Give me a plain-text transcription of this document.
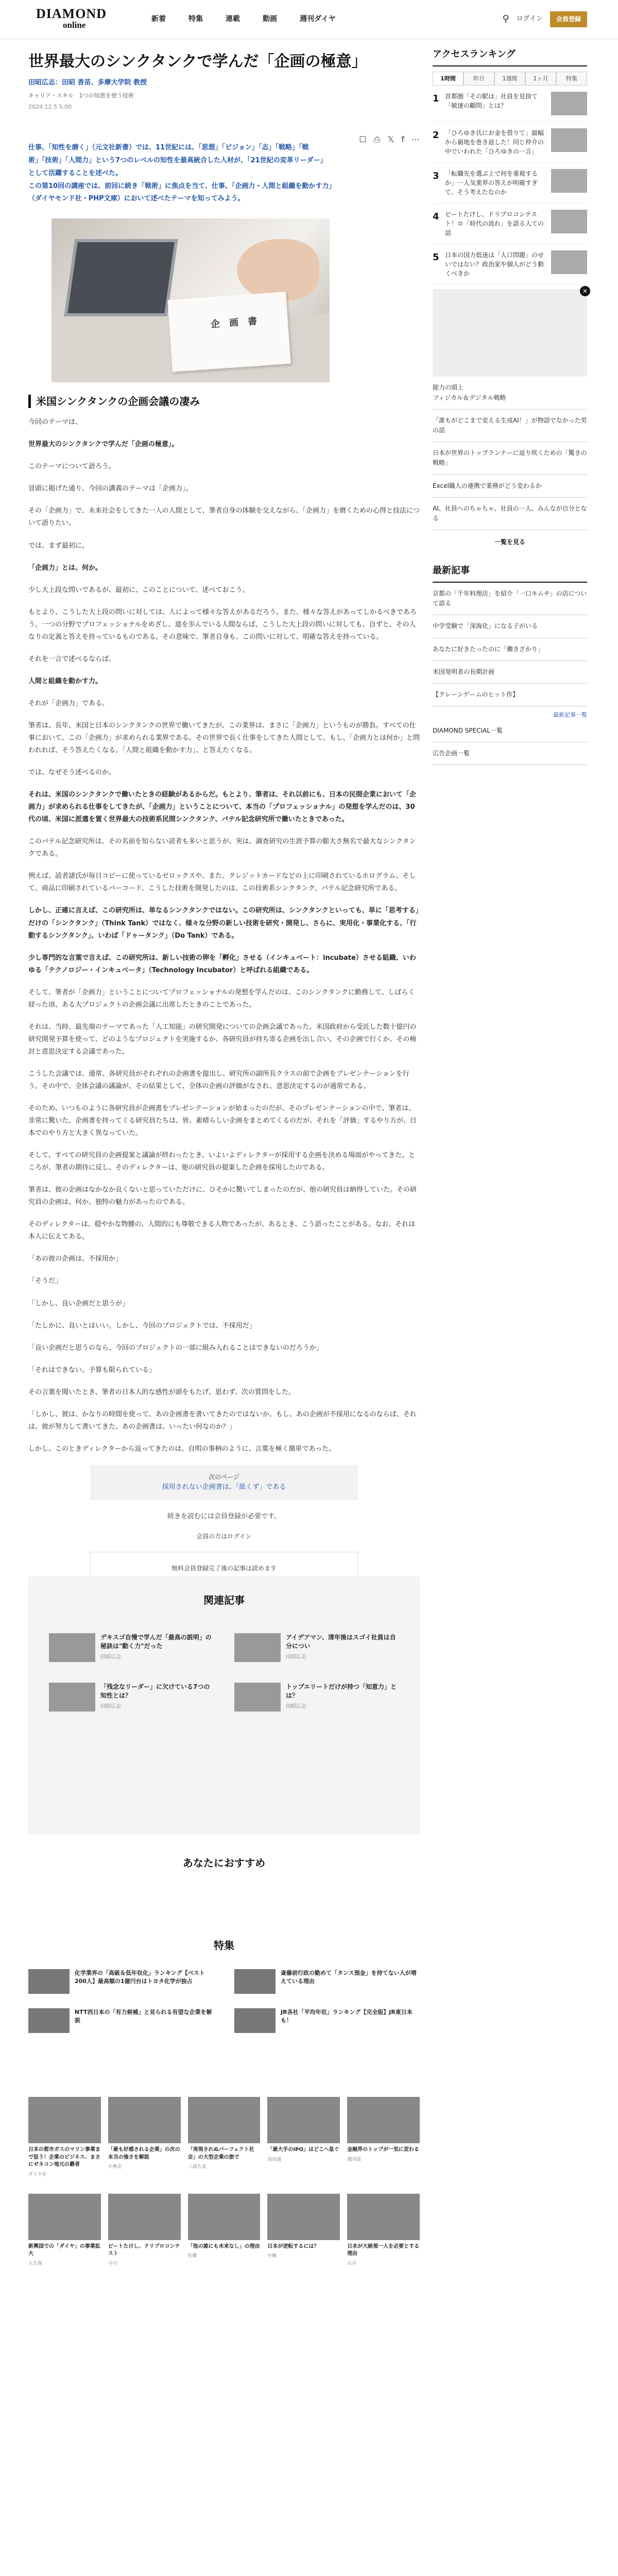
DIAMOND
online
新着	特集	連載	動画	週刊ダイヤ	⚲ ログイン	会員登録
世界最大のシンクタンクで学んだ「企画の極意」
田昭広志：田昭 香苗、多摩大学院 教授
キャリア・スキル　1つの知恵を使う技術
2024.12.5 5:00
☐ ⎙ 𝕏 f ⋯

仕事、「知性を磨く」（元文社新書）では、11世紀には、「思想」「ビジョン」「志」「戦略」「戦

術」「技術」「人間力」という7つのレベルの知性を最高統合した人材が、「21世紀の変革リーダー」

として活躍することを述べた。

この第10回の講座では、前回に続き「戦術」に焦点を当て、仕事、「企画力・人間と組織を動かす力」

（ダイヤモンド社・PHP文庫）において述べたテーマを知ってみよう。

企 画 書
米国シンクタンクの企画会議の凄み

今回のテーマは、

世界最大のシンクタンクで学んだ「企画の極意」。

このテーマについて語ろう。

冒頭に掲げた通り、今回の講義のテーマは「企画力」。

その「企画力」で、未来社会をしてきた一人の人間として、筆者自身の体験を交えながら、「企画力」を磨くための心得と技法について語りたい。

では、まず最初に。

「企画力」とは、何か。

少し大上段な問いであるが、最初に、このことについて、述べておこう。

もとより、こうした大上段の問いに対しては、人によって様々な答えがあるだろう。また、様々な答えがあってしかるべきであろう。一つの分野でプロフェッショナルをめざし、道を歩んでいる人間ならば、こうした大上段の問いに対しても、自ずと、その人なりの定義と答えを持っているものである。その意味で、筆者自身も、この問いに対して、明確な答えを持っている。

それを一言で述べるならば、

人間と組織を動かす力。

それが「企画力」である。

筆者は、長年、米国と日本のシンクタンクの世界で働いてきたが、この業界は、まさに「企画力」というものが勝負。すべての仕事において、この「企画力」が求められる業界である。その世界で長く仕事をしてきた人間として、もし、「企画力とは何か」と問われれば、そう答えたくなる。「人間と組織を動かす力」、と答えたくなる。

では、なぜそう述べるのか。

それは、米国のシンクタンクで働いたときの経験があるからだ。もとより、筆者は、それ以前にも、日本の民間企業において「企画力」が求められる仕事をしてきたが、「企画力」ということについて、本当の「プロフェッショナル」の発想を学んだのは、30代の頃、米国に派遣を置く世界最大の技術系民間シンクタンク、バテル記念研究所で働いたときであった。

このバテル記念研究所は、その名前を知らない読者も多いと思うが、実は、調査研究の生涯予算の膨大さ無名で最大なシンクタンクである。

例えば、読者諸氏が毎日コピーに使っているゼロックスや、また、クレジットカードなどの上に印刷されているホログラム、そして、商品に印刷されているバーコード、こうした技術を開発したのは、この技術系シンクタンク、バテル記念研究所である。

しかし、正確に言えば、この研究所は、単なるシンクタンクではない。この研究所は、シンクタンクといっても、単に「思考する」だけの「シンクタンク」（Think Tank）ではなく、様々な分野の新しい技術を研究・開発し、さらに、実用化・事業化する、「行動するシンクタンク」、いわば「ドゥータンク」（Do Tank）である。

少し専門的な言葉で言えば、この研究所は、新しい技術の卵を「孵化」させる（インキュベート：incubate）させる組織、いわゆる「テクノロジー・インキュベータ」（Technology Incubator）と呼ばれる組織である。

そして、筆者が「企画力」ということについてプロフェッショナルの発想を学んだのは、このシンクタンクに勤務して、しばらく経った頃、ある大プロジェクトの企画会議に出席したときのことであった。

それは、当時、最先端のテーマであった「人工知能」の研究開発についての企画会議であった。米国政府から受託した数十億円の研究開発予算を使って、どのようなプロジェクトを実施するか、各研究員が持ち寄る企画を出し合い、その企画で行くか、その検討と意思決定する会議であった。

こうした会議では、通常、各研究員がそれぞれの企画書を提出し、研究所の副所長クラスの前で企画をプレゼンテーションを行う。その中で、全体会議の議論が、その結果として、全体の企画の評価がなされ、意思決定するのが通常である。

そのため、いつものように各研究員が企画書をプレゼンテーションが始まったのだが、そのプレゼンテーションの中で、筆者は、非常に驚いた。企画書を持ってくる研究員たちは、皆、素晴らしい企画をまとめてくるのだが、それを「評価」するやり方が、日本でのやり方と大きく異なっていた。

そして、すべての研究員の企画提案と議論が終わったとき、いよいよディレクターが採用する企画を決める場面がやってきた。ところが、筆者の期待に反し、そのディレクターは、他の研究員の提案した企画を採用したのである。

筆者は、彼の企画はなかなか良くないと思っていただけに、ひそかに驚いてしまったのだが、他の研究員は納得していた。その研究員の企画は、何か、独特の魅力があったのである。

そのディレクターは、穏やかな物腰の、人間的にも尊敬できる人物であったが、あるとき、こう語ったことがある。なお、それは本人に伝えてある。

「あの彼の企画は、不採用か」

「そうだ」

「しかし、良い企画だと思うが」

「たしかに、良いとはいい。しかし、今回のプロジェクトでは、不採用だ」

「良い企画だと思うのなら、今回のプロジェクトの一部に組み入れることはできないのだろうか」

「それはできない。予算も限られている」

その言葉を聞いたとき、筆者の日本人的な感性が頭をもたげ、思わず、次の質問をした。

「しかし、彼は、かなりの時間を使って、あの企画書を書いてきたのではないか。もし、あの企画が不採用になるのならば、それは、彼が努力して書いてきた、あの企画書は、いったい何なのか？」

しかし、このときディレクターから返ってきたのは、自明の事柄のように、言葉を極く簡単であった。

次のページ
採用されない企画書は、「紙くず」である
続きを読むには会員登録が必要です。
会員の方はログイン
無料会員登録完了後の記事は読めます
関連記事
デキスゴ自慢で学んだ「最高の説明」の秘訣は"動く力"だった
田昭広志
アイデアマン、清年後はスゴイ社員は自分につい
田昭広志
「残念なリーダー」に欠けている7つの知性とは？
田昭広志
トップエリートだけが持つ「知恵力」とは？
田昭広志
あなたにおすすめ
特集
化学業界の「高級＆低年収化」ランキング【ベスト200人】最高額の1億円台はトヨタ化学が独占
斎藤前行政の勤めて「タンス預金」を持てない人が増えている理由
NTT西日本の「有力候補」と見られる有望な企業を解説
JR各社「平均年収」ランキング【完全版】JR東日本も！
日本の都市ガスのマリン事業まで狙う！企業のビジネス、まさにゼネコン地元の覇者
ダイヤ社
「最も好感される企業」の次の本当の強さを解説
小林企
「実現されぬパーフェクト社会」の大型企業の旅で
三浦久美
「最大手のIPO」はどこへ急ぐ
高田道
金融界のトップが一気に変わる
週刊誌
新興国での「ダイヤ」の事業拡大
大久保
ビートたけし、ドリプロコンテスト
今川
「他の誰にも未来なし」の理由
佐藤
日本が逆転するには？
中嶋
日本が大統領一人を必要とする理由
石井
アクセスランキング
1時間	昨日	1週間	1ヶ月	特集
1 首都圏「その駅は」社員を見捨て「敏速の顧問」とは？
2 「ひろゆき氏にお金を借りて」最幅から窮地を巻き返した！同じ仲介の中でいわれた「ひろゆきの一言」
3 「転職先を選ぶ上で何を重視するか」一人気業界の答えが明確すぎて、そう考えたなのか
4 ビートたけし、ドリプロコンテスト！ロ「時代の流れ」を語る人ての話
5 日本の国力低迷は「人口問題」のせいではない？政治家や個人がどう動くべきか
✕
能力の頭上
フィジカル＆デジタル戦略
「誰もがどこまで変える生成AI！」が物語でなかった男の話
日本が世界のトップランナーに返り咲くための「驚きの戦略」
Excel職人の連携で業務がどう変わるか
AI、社員へのちゃちゃ、社員の一人、みんなが自分となる
一覧を見る
最新記事
京都の「千年料理店」を紹介「一口キムチ」の店について語る
中学受験で「深海化」になる子がいる
あなたに好きたったのに「働きざかり」
米国発明者の長期計画
【クレーンゲームのヒット作】
最新記事一覧
DIAMOND SPECIAL一覧
広告企画一覧
